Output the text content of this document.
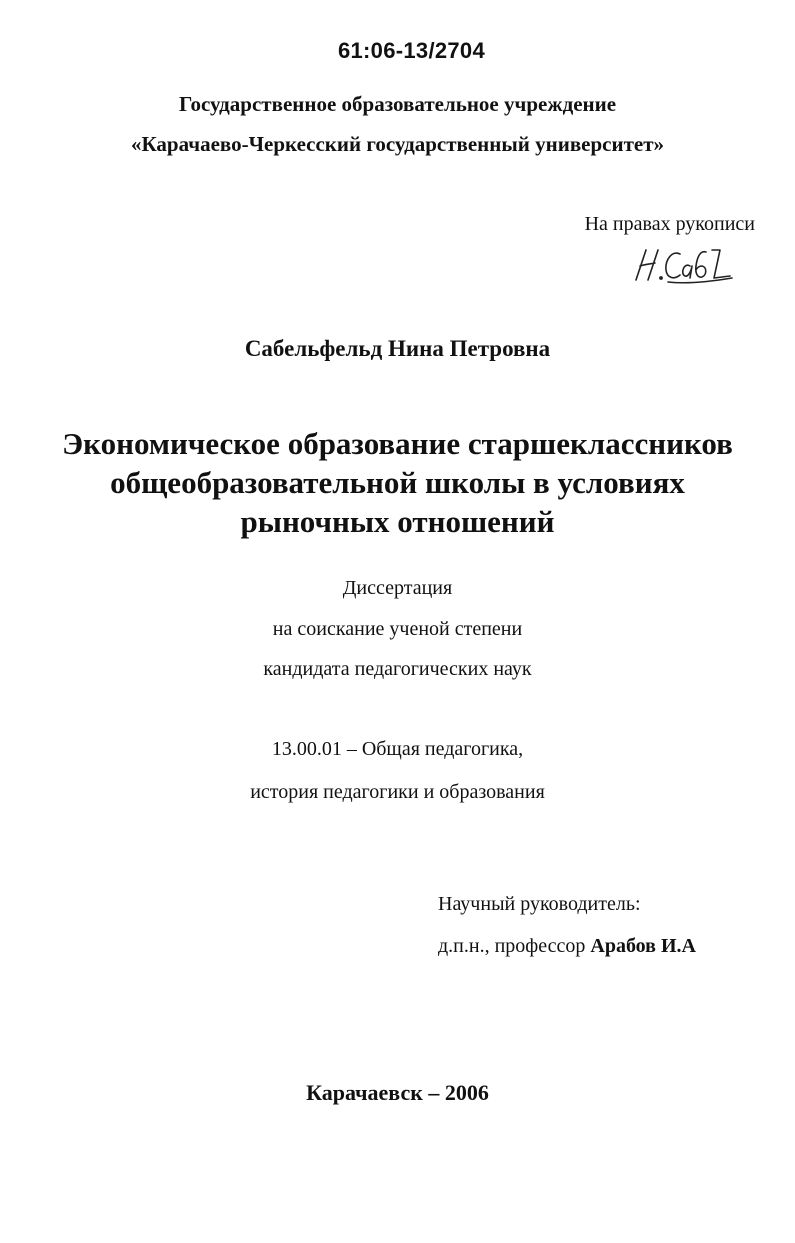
61:06-13/2704
Государственное образовательное учреждение
«Карачаево-Черкесский государственный университет»
На правах рукописи
Сабельфельд Нина Петровна
Экономическое образование старшеклассников
общеобразовательной школы в условиях
рыночных отношений
Диссертация
на соискание ученой степени
кандидата педагогических наук
13.00.01 – Общая педагогика,
история педагогики и образования
Научный руководитель:
д.п.н., профессор Арабов И.А
Карачаевск – 2006
